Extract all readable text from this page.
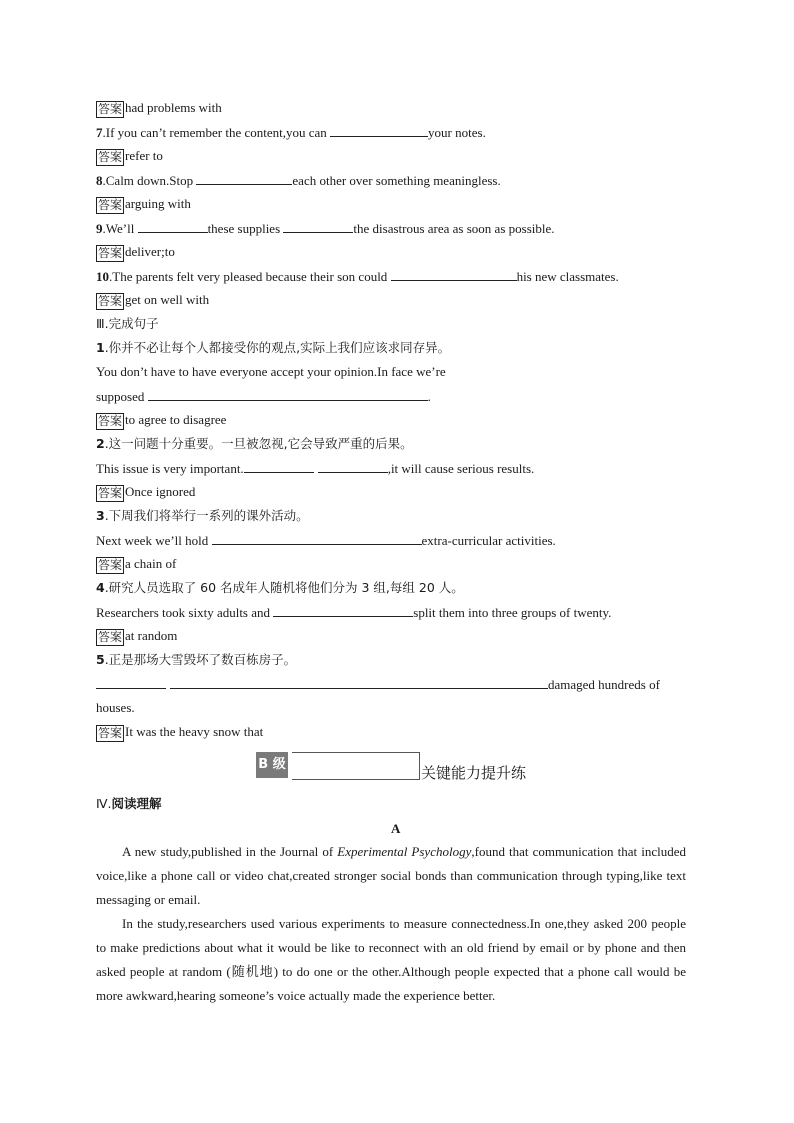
答案 had problems with
7.If you can’t remember the content,you can	your notes.
答案 refer to
8.Calm down.Stop	each other over something meaningless.
答案 arguing with
9.We’ll	these supplies	the disastrous area as soon as possible.
答案 deliver;to
10.The parents felt very pleased because their son could	his new classmates.
答案 get on well with
Ⅲ.完成句子
1.你并不必让每个人都接受你的观点,实际上我们应该求同存异。
You don’t have to have everyone accept your opinion.In face we’re
supposed	.
答案 to agree to disagree
2.这一问题十分重要。一旦被忽视,它会导致严重的后果。
This issue is very important.	,it will cause serious results.
答案 Once ignored
3.下周我们将举行一系列的课外活动。
Next week we’ll hold	extra-curricular activities.
答案 a chain of
4.研究人员选取了 60 名成年人随机将他们分为 3 组,每组 20 人。
Researchers took sixty adults and	split them into three groups of twenty.
答案 at random
5.正是那场大雪毁坏了数百栋房子。
damaged hundreds of
houses.
答案 It was the heavy snow that
B 级	关键能力提升练
Ⅳ.阅读理解
A
A new study,published in the Journal of Experimental Psychology,found that communication that included voice,like a phone call or video chat,created stronger social bonds than communication through typing,like text messaging or email.
In the study,researchers used various experiments to measure connectedness.In one,they asked 200 people to make predictions about what it would be like to reconnect with an old friend by email or by phone and then asked people at random (随机地) to do one or the other.Although people expected that a phone call would be more awkward,hearing someone’s voice actually made the experience better.
